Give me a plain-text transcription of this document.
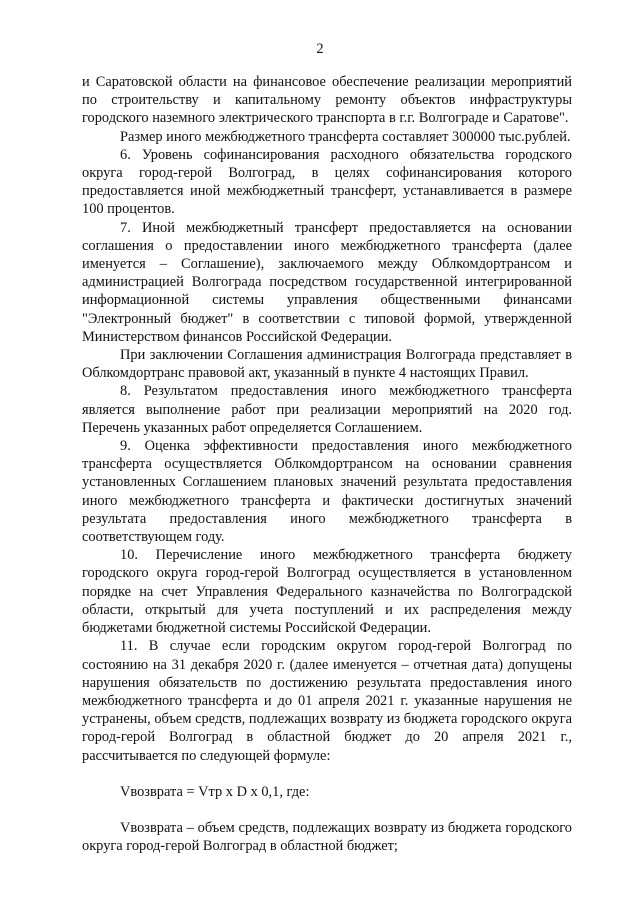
2

и Саратовской области на финансовое обеспечение реализации мероприятий по строительству и капитальному ремонту объектов инфраструктуры городского наземного электрического транспорта в г.г. Волгограде и Саратове".

Размер иного межбюджетного трансферта составляет 300000 тыс.рублей.

6. Уровень софинансирования расходного обязательства городского округа город-герой Волгоград, в целях софинансирования которого предоставляется иной межбюджетный трансферт, устанавливается в размере 100 процентов.

7. Иной межбюджетный трансферт предоставляется на основании соглашения о предоставлении иного межбюджетного трансферта (далее именуется – Соглашение), заключаемого между Облкомдортрансом и администрацией Волгограда посредством государственной интегрированной информационной системы управления общественными финансами "Электронный бюджет" в соответствии с типовой формой, утвержденной Министерством финансов Российской Федерации.

При заключении Соглашения администрация Волгограда представляет в Облкомдортранс правовой акт, указанный в пункте 4 настоящих Правил.

8. Результатом предоставления иного межбюджетного трансферта является выполнение работ при реализации мероприятий на 2020 год. Перечень указанных работ определяется Соглашением.

9. Оценка эффективности предоставления иного межбюджетного трансферта осуществляется Облкомдортрансом на основании сравнения установленных Соглашением плановых значений результата предоставления иного межбюджетного трансферта и фактически достигнутых значений результата предоставления иного межбюджетного трансферта в соответствующем году.

10. Перечисление иного межбюджетного трансферта бюджету городского округа город-герой Волгоград осуществляется в установленном порядке на счет Управления Федерального казначейства по Волгоградской области, открытый для учета поступлений и их распределения между бюджетами бюджетной системы Российской Федерации.

11. В случае если городским округом город-герой Волгоград по состоянию на 31 декабря 2020 г. (далее именуется – отчетная дата) допущены нарушения обязательств по достижению результата предоставления иного межбюджетного трансферта и до 01 апреля 2021 г. указанные нарушения не устранены, объем средств, подлежащих возврату из бюджета городского округа город-герой Волгоград в областной бюджет до 20 апреля 2021 г., рассчитывается по следующей формуле:

Vвозврата = Vтр x D x 0,1, где:

Vвозврата – объем средств, подлежащих возврату из бюджета городского округа город-герой Волгоград в областной бюджет;
